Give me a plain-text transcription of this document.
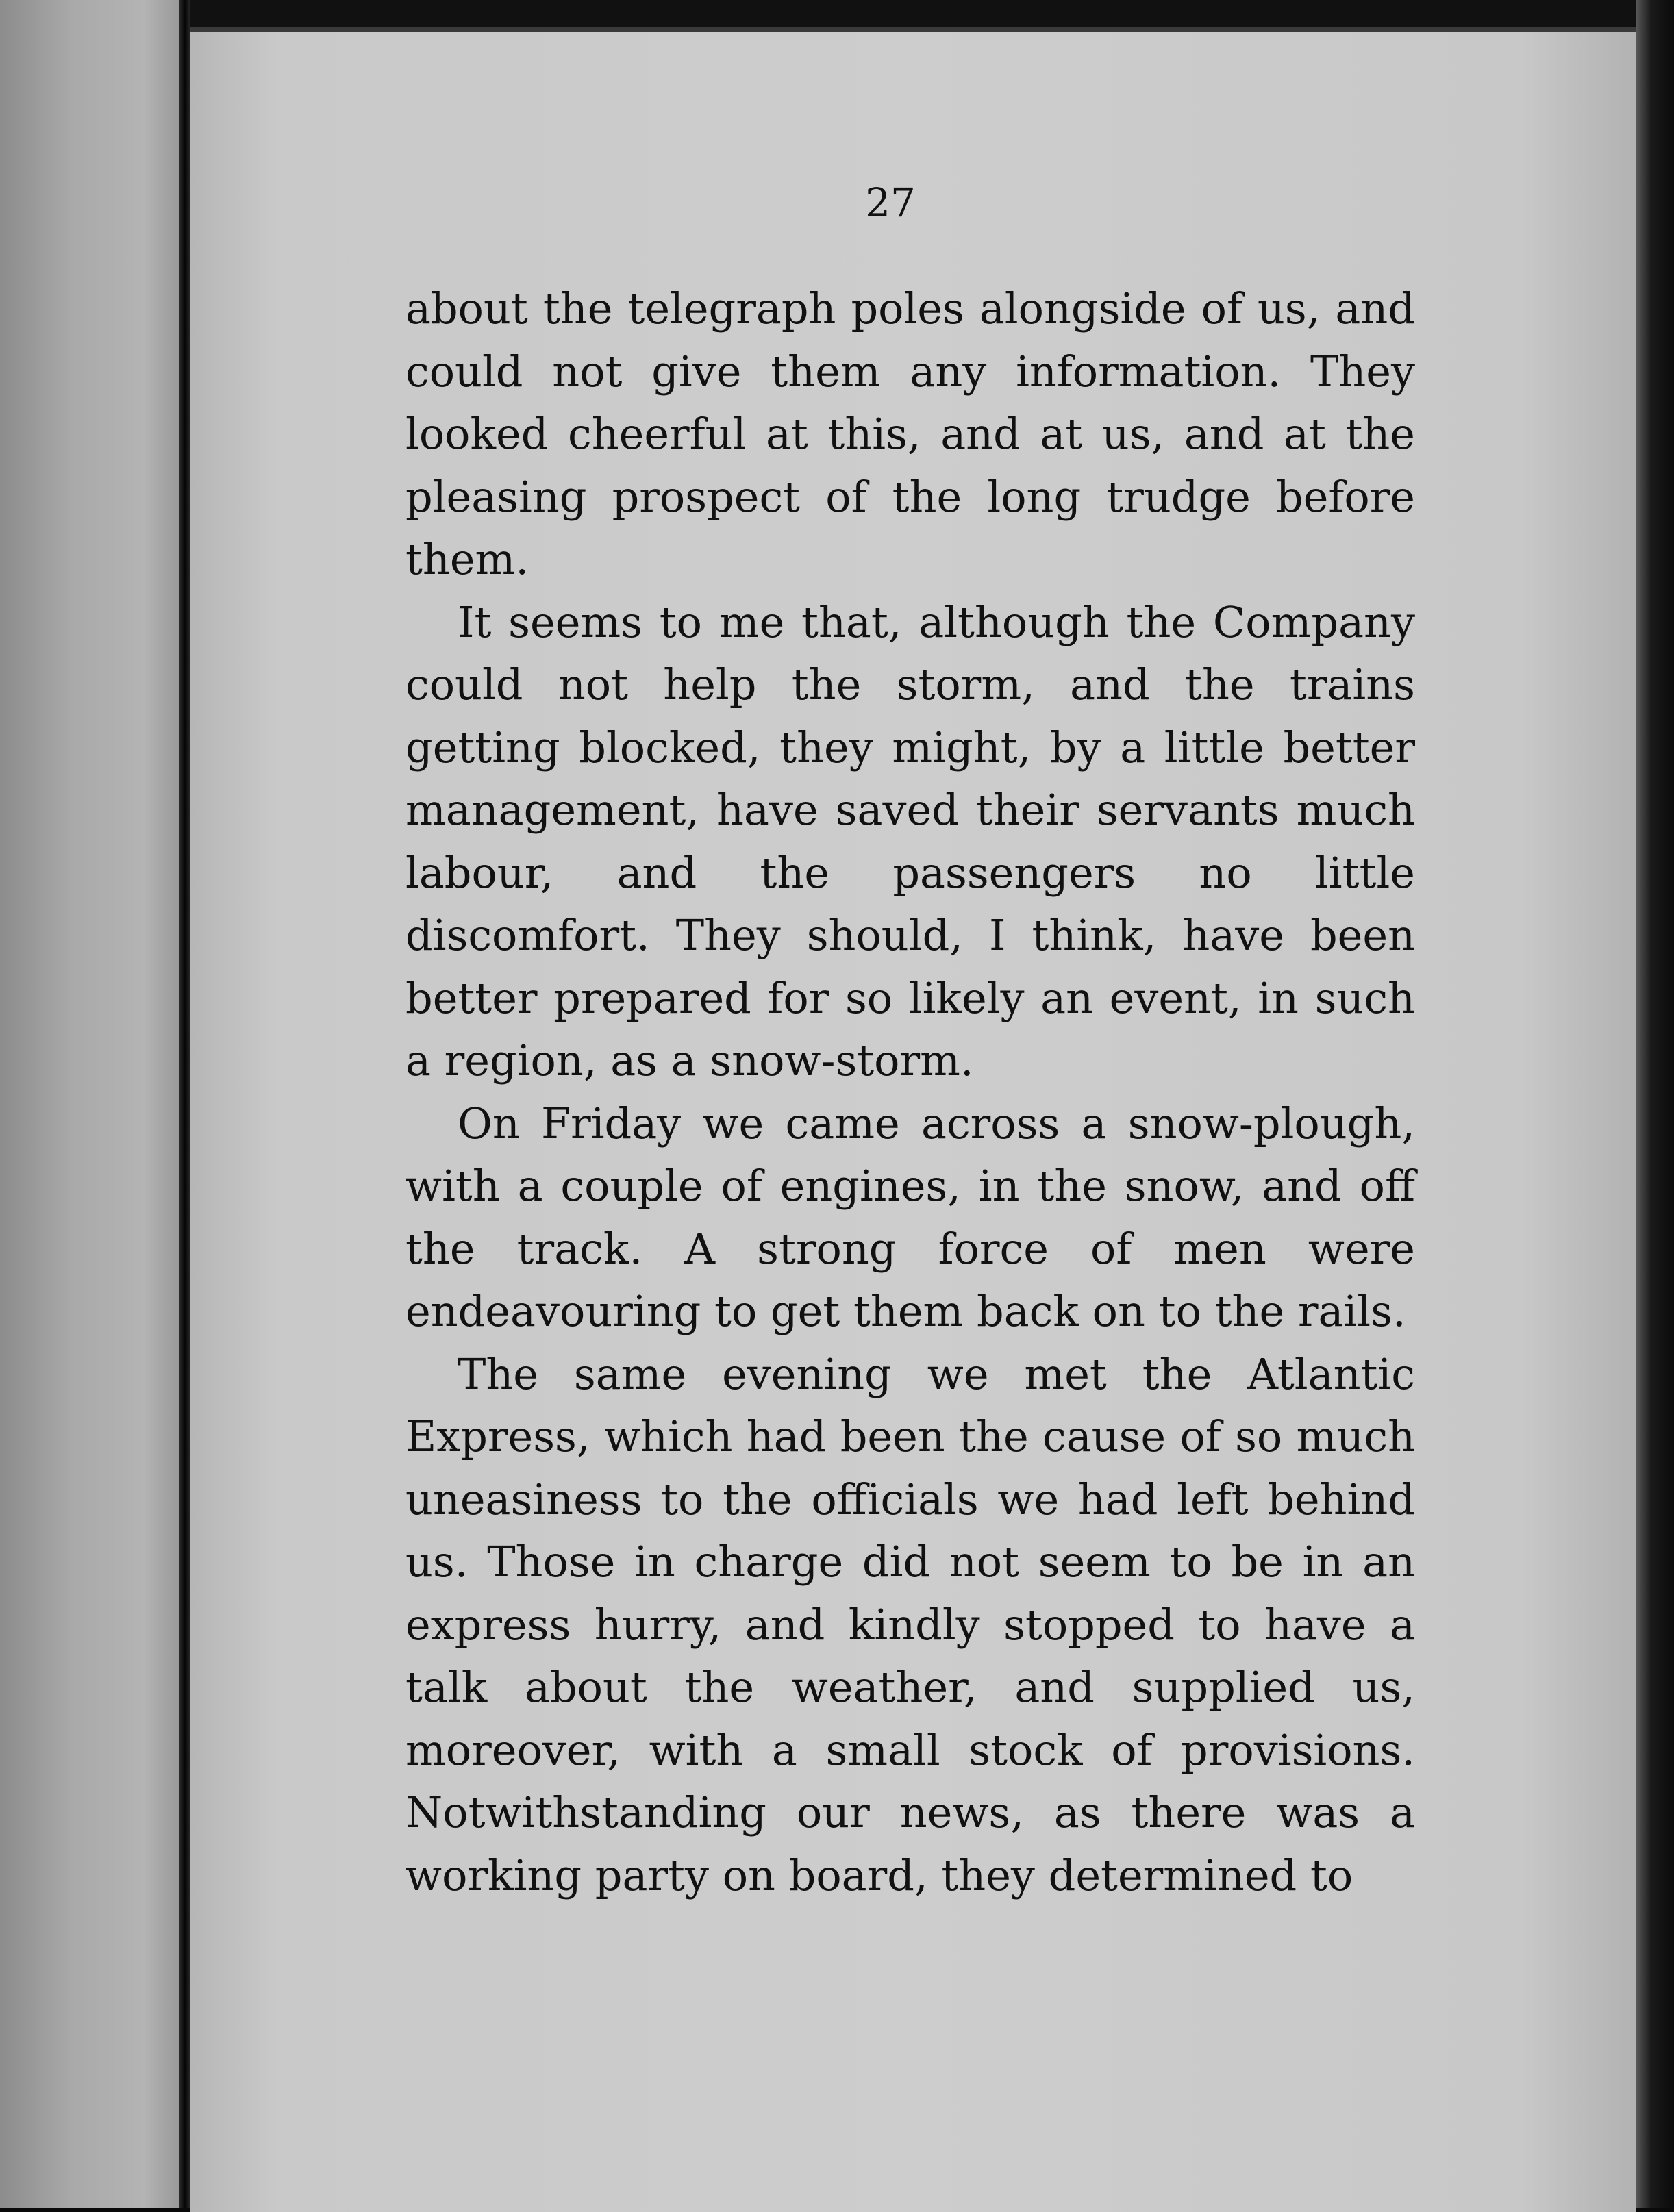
27

about the telegraph poles alongside of us, and could not give them any information. They looked cheerful at this, and at us, and at the pleasing prospect of the long trudge before them.

It seems to me that, although the Company could not help the storm, and the trains getting blocked, they might, by a little better management, have saved their servants much labour, and the passengers no little discomfort. They should, I think, have been better prepared for so likely an event, in such a region, as a snow-storm.

On Friday we came across a snow-plough, with a couple of engines, in the snow, and off the track. A strong force of men were endeavouring to get them back on to the rails.

The same evening we met the Atlantic Express, which had been the cause of so much uneasiness to the officials we had left behind us. Those in charge did not seem to be in an express hurry, and kindly stopped to have a talk about the weather, and supplied us, moreover, with a small stock of provisions. Notwithstanding our news, as there was a working party on board, they determined to
